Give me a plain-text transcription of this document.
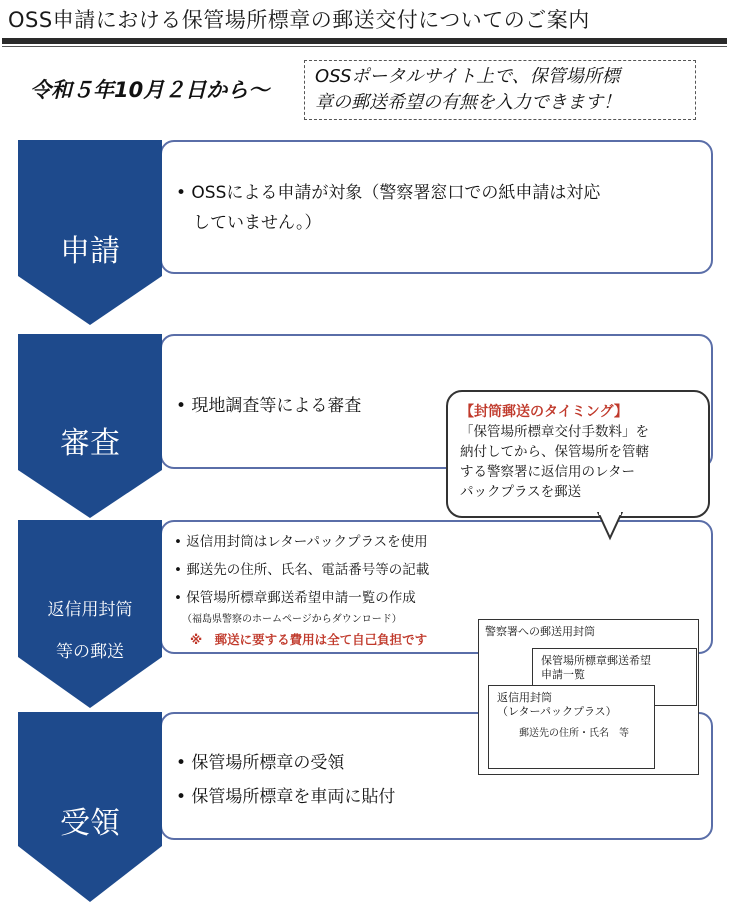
OSS申請における保管場所標章の郵送交付についてのご案内
令和５年10月２日から～
OSSポータルサイト上で、保管場所標
章の郵送希望の有無を入力できます！
• OSSによる申請が対象（警察署窓口での紙申請は対応
　していません。）
• 現地調査等による審査
• 返信用封筒はレターパックプラスを使用
• 郵送先の住所、氏名、電話番号等の記載
• 保管場所標章郵送希望申請一覧の作成
（福島県警察のホームページからダウンロード）
※　郵送に要する費用は全て自己負担です
• 保管場所標章の受領
• 保管場所標章を車両に貼付
申請
審査
返信用封筒
等の郵送
受領
【封筒郵送のタイミング】
「保管場所標章交付手数料」を
納付してから、保管場所を管轄
する警察署に返信用のレター
パックプラスを郵送
警察署への郵送用封筒
保管場所標章郵送希望
申請一覧
返信用封筒
（レターパックプラス）
郵送先の住所・氏名　等
